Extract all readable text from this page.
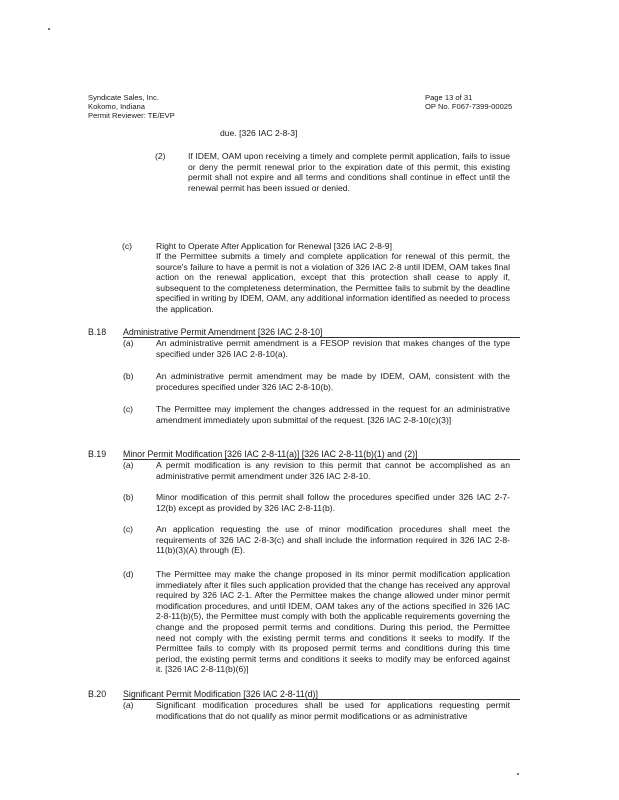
Syndicate Sales, Inc.
Kokomo, Indiana
Permit Reviewer: TE/EVP
Page 13 of 31
OP No. F067-7399-00025
due. [326 IAC 2-8-3]
(2)	If IDEM, OAM upon receiving a timely and complete permit application, fails to issue or deny the permit renewal prior to the expiration date of this permit, this existing permit shall not expire and all terms and conditions shall continue in effect until the renewal permit has been issued or denied.
(c)	Right to Operate After Application for Renewal [326 IAC 2-8-9]
If the Permittee submits a timely and complete application for renewal of this permit, the source's failure to have a permit is not a violation of 326 IAC 2-8 until IDEM, OAM takes final action on the renewal application, except that this protection shall cease to apply if, subsequent to the completeness determination, the Permittee fails to submit by the deadline specified in writing by IDEM, OAM, any additional information identified as needed to process the application.
B.18 Administrative Permit Amendment [326 IAC 2-8-10]
(a)	An administrative permit amendment is a FESOP revision that makes changes of the type specified under 326 IAC 2-8-10(a).
(b)	An administrative permit amendment may be made by IDEM, OAM, consistent with the procedures specified under 326 IAC 2-8-10(b).
(c)	The Permittee may implement the changes addressed in the request for an administrative amendment immediately upon submittal of the request. [326 IAC 2-8-10(c)(3)]
B.19 Minor Permit Modification [326 IAC 2-8-11(a)] [326 IAC 2-8-11(b)(1) and (2)]
(a)	A permit modification is any revision to this permit that cannot be accomplished as an administrative permit amendment under 326 IAC 2-8-10.
(b)	Minor modification of this permit shall follow the procedures specified under 326 IAC 2-7-12(b) except as provided by 326 IAC 2-8-11(b).
(c)	An application requesting the use of minor modification procedures shall meet the requirements of 326 IAC 2-8-3(c) and shall include the information required in 326 IAC 2-8-11(b)(3)(A) through (E).
(d)	The Permittee may make the change proposed in its minor permit modification application immediately after it files such application provided that the change has received any approval required by 326 IAC 2-1. After the Permittee makes the change allowed under minor permit modification procedures, and until IDEM, OAM takes any of the actions specified in 326 IAC 2-8-11(b)(5), the Permittee must comply with both the applicable requirements governing the change and the proposed permit terms and conditions. During this period, the Permittee need not comply with the existing permit terms and conditions it seeks to modify. If the Permittee fails to comply with its proposed permit terms and conditions during this time period, the existing permit terms and conditions it seeks to modify may be enforced against it. [326 IAC 2-8-11(b)(6)]
B.20 Significant Permit Modification [326 IAC 2-8-11(d)]
(a)	Significant modification procedures shall be used for applications requesting permit modifications that do not qualify as minor permit modifications or as administrative
